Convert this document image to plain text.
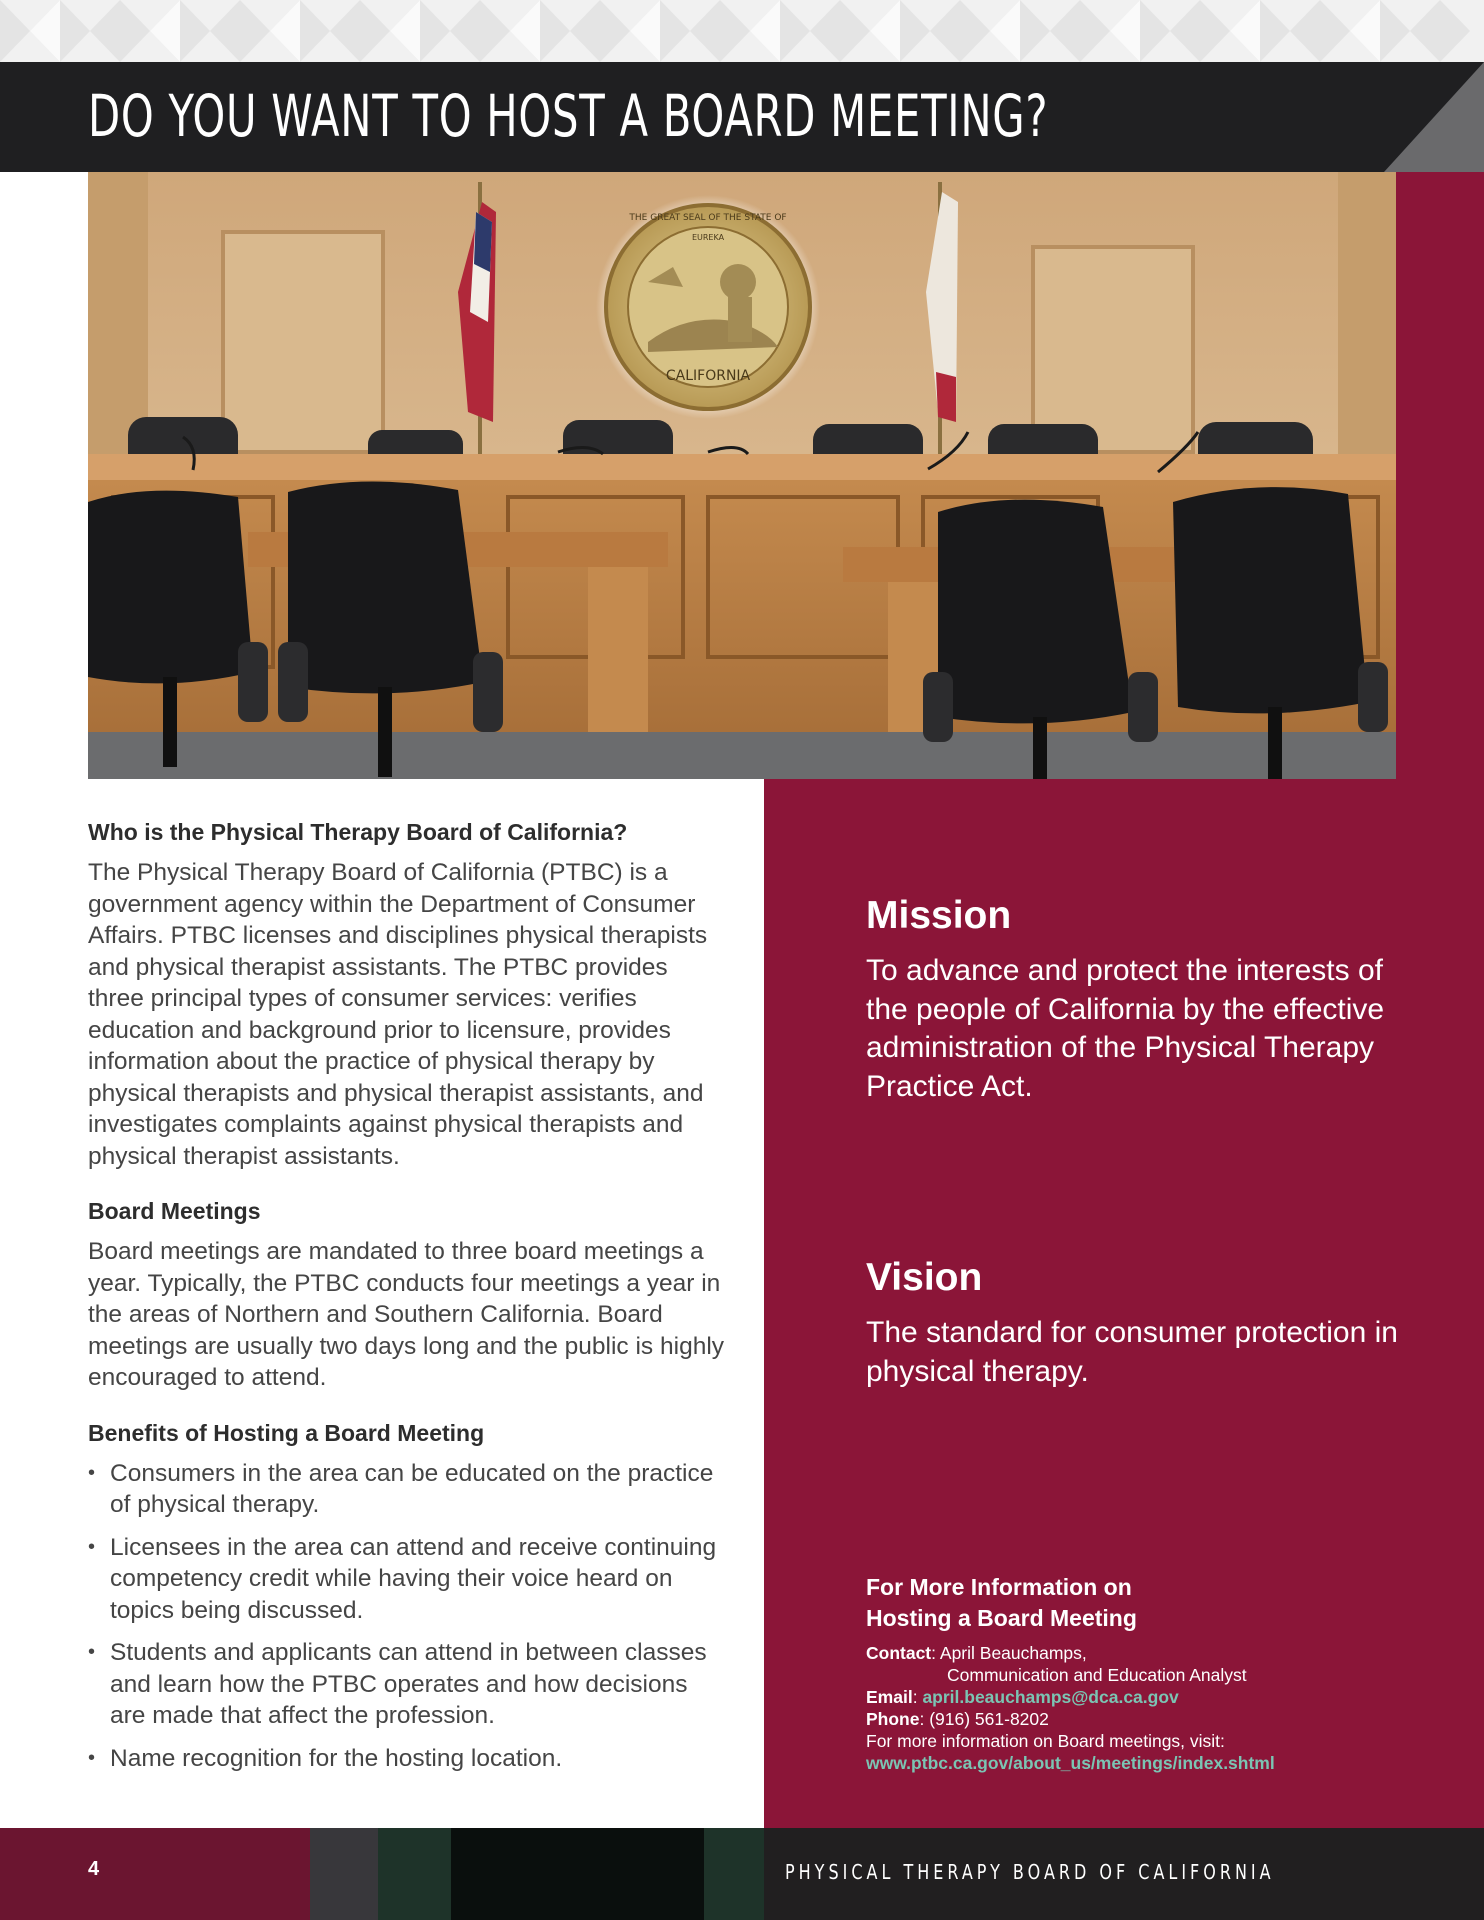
DO YOU WANT TO HOST A BOARD MEETING?
CALIFORNIA
EUREKA
THE GREAT SEAL OF THE STATE OF
Who is the Physical Therapy Board of California?

The Physical Therapy Board of California (PTBC) is a government agency within the Department of Consumer Affairs. PTBC licenses and disciplines physical therapists and physical therapist assistants. The PTBC provides three principal types of consumer services: verifies education and background prior to licensure, provides information about the practice of physical therapy by physical therapists and physical therapist assistants, and investigates complaints against physical therapists and physical therapist assistants.

Board Meetings

Board meetings are mandated to three board meetings a year. Typically, the PTBC conducts four meetings a year in the areas of Northern and Southern California. Board meetings are usually two days long and the public is highly encouraged to attend.

Benefits of Hosting a Board Meeting
• Consumers in the area can be educated on the practice of physical therapy.
• Licensees in the area can attend and receive continuing competency credit while having their voice heard on topics being discussed.
• Students and applicants can attend in between classes and learn how the PTBC operates and how decisions are made that affect the profession.
• Name recognition for the hosting location.
Mission

To advance and protect the interests of the people of California by the effective administration of the Physical Therapy Practice Act.

Vision

The standard for consumer protection in physical therapy.

For More Information on Hosting a Board Meeting
Contact: April Beauchamps,
Communication and Education Analyst
Email: april.beauchamps@dca.ca.gov
Phone: (916) 561-8202
For more information on Board meetings, visit:
www.ptbc.ca.gov/about_us/meetings/index.shtml
4	PHYSICAL THERAPY BOARD OF CALIFORNIA
